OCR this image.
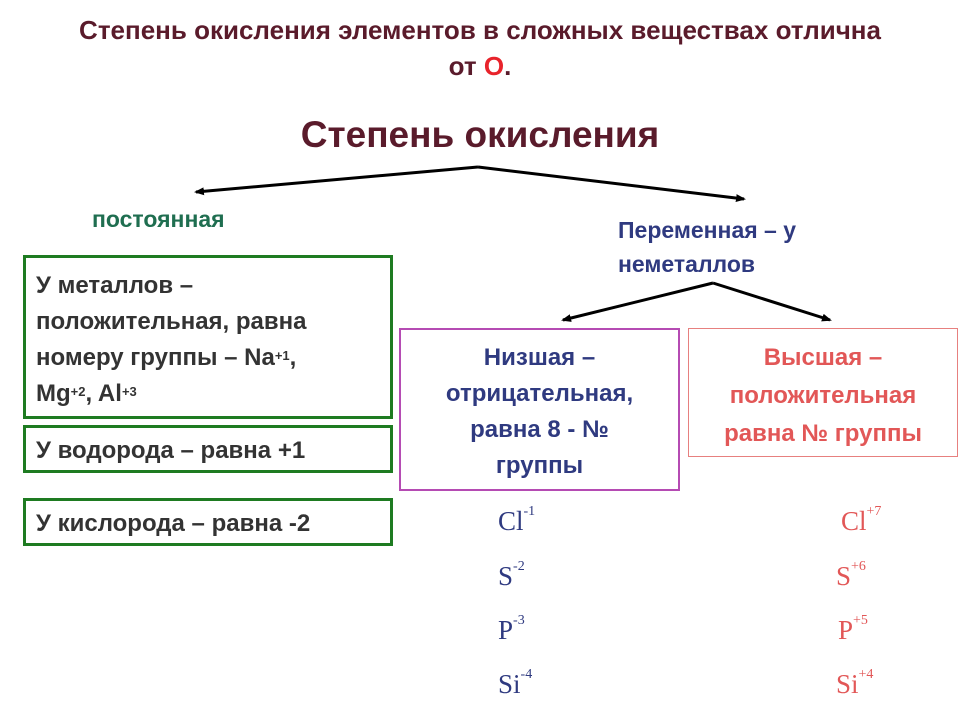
Степень окисления элементов в сложных веществах отлична
от О.
Степень окисления
постоянная	Переменная – у
неметаллов
У металлов –
положительная, равна
номеру группы – $Na^{+1}$,
$Mg^{+2}$, $Al^{+3}$
У водорода – равна +1
У кислорода – равна -2
Низшая –
отрицательная,
равна 8 - №
группы
Высшая –
положительная
равна № группы
$Cl^{-1}$
$S^{-2}$
$P^{-3}$
$Si^{-4}$
$Cl^{+7}$
$S^{+6}$
$P^{+5}$
$Si^{+4}$
